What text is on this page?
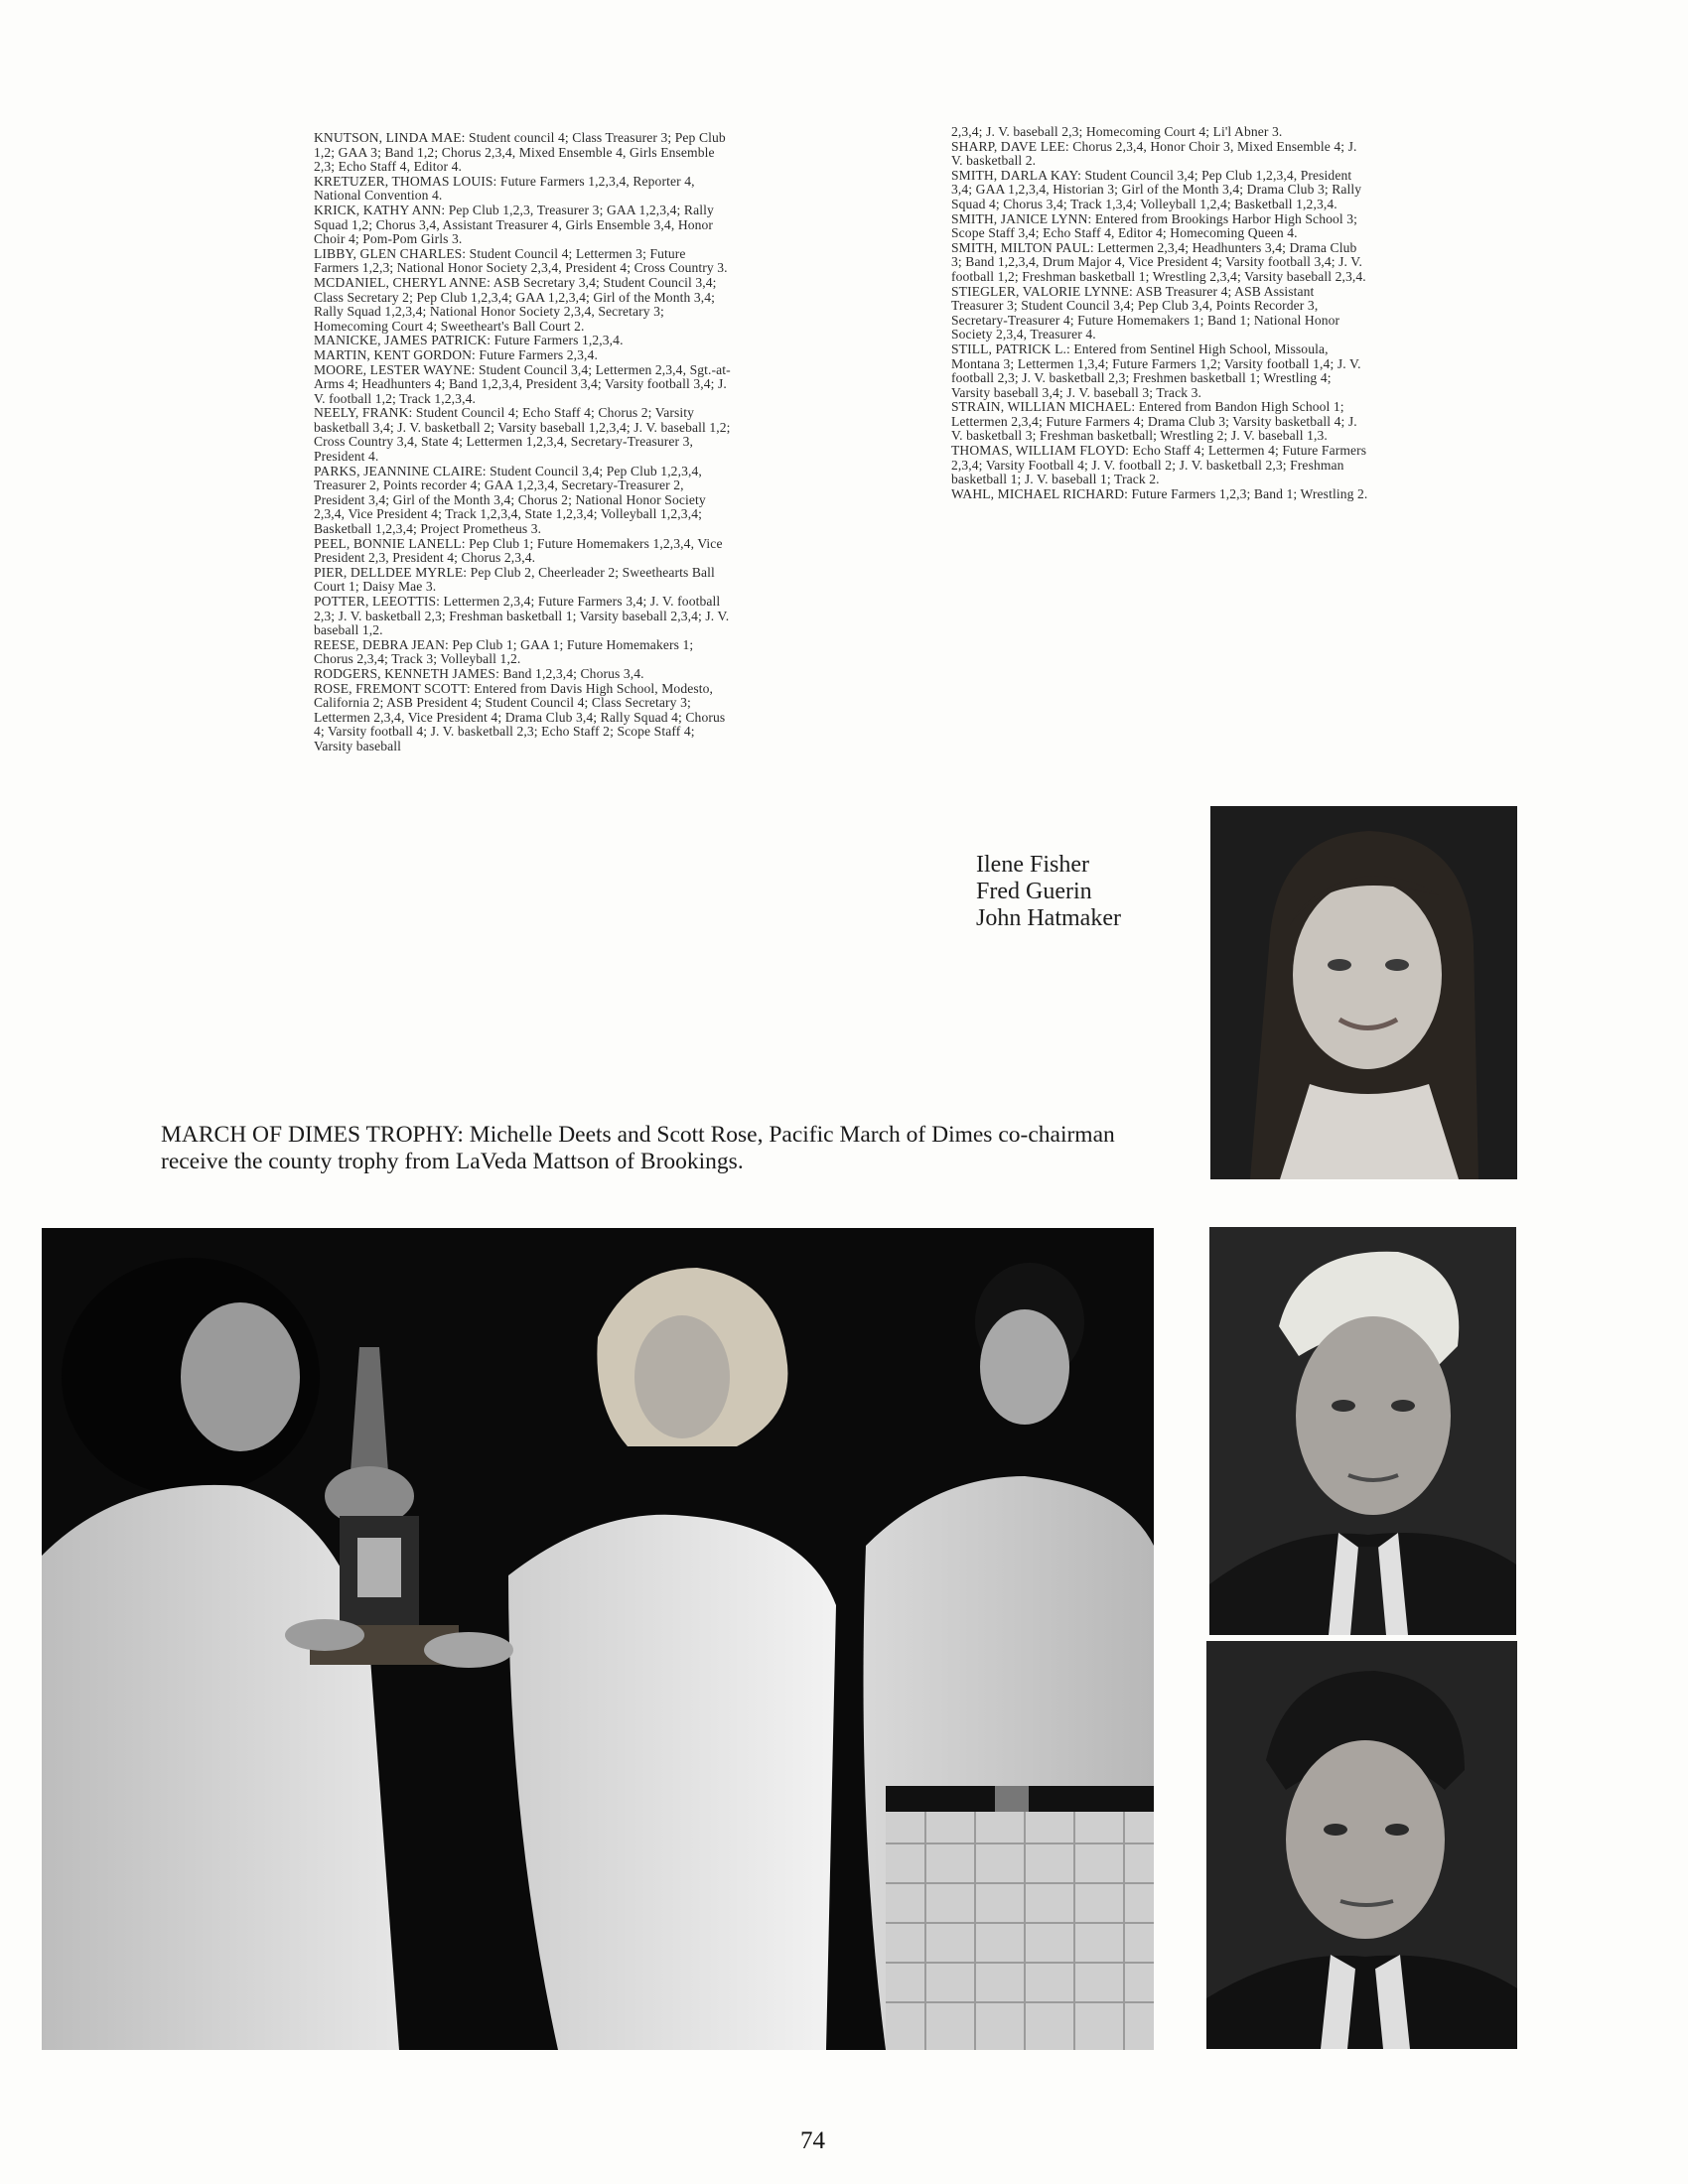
KNUTSON, LINDA MAE: Student council 4; Class Treasurer 3; Pep Club 1,2; GAA 3; Band 1,2; Chorus 2,3,4, Mixed Ensemble 4, Girls Ensemble 2,3; Echo Staff 4, Editor 4.

KRETUZER, THOMAS LOUIS: Future Farmers 1,2,3,4, Reporter 4, National Convention 4.

KRICK, KATHY ANN: Pep Club 1,2,3, Treasurer 3; GAA 1,2,3,4; Rally Squad 1,2; Chorus 3,4, Assistant Treasurer 4, Girls Ensemble 3,4, Honor Choir 4; Pom-Pom Girls 3.

LIBBY, GLEN CHARLES: Student Council 4; Lettermen 3; Future Farmers 1,2,3; National Honor Society 2,3,4, President 4; Cross Country 3.

MCDANIEL, CHERYL ANNE: ASB Secretary 3,4; Student Council 3,4; Class Secretary 2; Pep Club 1,2,3,4; GAA 1,2,3,4; Girl of the Month 3,4; Rally Squad 1,2,3,4; National Honor Society 2,3,4, Secretary 3; Homecoming Court 4; Sweetheart's Ball Court 2.

MANICKE, JAMES PATRICK: Future Farmers 1,2,3,4.

MARTIN, KENT GORDON: Future Farmers 2,3,4.

MOORE, LESTER WAYNE: Student Council 3,4; Lettermen 2,3,4, Sgt.-at-Arms 4; Headhunters 4; Band 1,2,3,4, President 3,4; Varsity football 3,4; J. V. football 1,2; Track 1,2,3,4.

NEELY, FRANK: Student Council 4; Echo Staff 4; Chorus 2; Varsity basketball 3,4; J. V. basketball 2; Varsity baseball 1,2,3,4; J. V. baseball 1,2; Cross Country 3,4, State 4; Lettermen 1,2,3,4, Secretary-Treasurer 3, President 4.

PARKS, JEANNINE CLAIRE: Student Council 3,4; Pep Club 1,2,3,4, Treasurer 2, Points recorder 4; GAA 1,2,3,4, Secretary-Treasurer 2, President 3,4; Girl of the Month 3,4; Chorus 2; National Honor Society 2,3,4, Vice President 4; Track 1,2,3,4, State 1,2,3,4; Volleyball 1,2,3,4; Basketball 1,2,3,4; Project Prometheus 3.

PEEL, BONNIE LANELL: Pep Club 1; Future Homemakers 1,2,3,4, Vice President 2,3, President 4; Chorus 2,3,4.

PIER, DELLDEE MYRLE: Pep Club 2, Cheerleader 2; Sweethearts Ball Court 1; Daisy Mae 3.

POTTER, LEEOTTIS: Lettermen 2,3,4; Future Farmers 3,4; J. V. football 2,3; J. V. basketball 2,3; Freshman basketball 1; Varsity baseball 2,3,4; J. V. baseball 1,2.

REESE, DEBRA JEAN: Pep Club 1; GAA 1; Future Homemakers 1; Chorus 2,3,4; Track 3; Volleyball 1,2.

RODGERS, KENNETH JAMES: Band 1,2,3,4; Chorus 3,4.

ROSE, FREMONT SCOTT: Entered from Davis High School, Modesto, California 2; ASB President 4; Student Council 4; Class Secretary 3; Lettermen 2,3,4, Vice President 4; Drama Club 3,4; Rally Squad 4; Chorus 4; Varsity football 4; J. V. basketball 2,3; Echo Staff 2; Scope Staff 4; Varsity baseball

2,3,4; J. V. baseball 2,3; Homecoming Court 4; Li'l Abner 3.

SHARP, DAVE LEE: Chorus 2,3,4, Honor Choir 3, Mixed Ensemble 4; J. V. basketball 2.

SMITH, DARLA KAY: Student Council 3,4; Pep Club 1,2,3,4, President 3,4; GAA 1,2,3,4, Historian 3; Girl of the Month 3,4; Drama Club 3; Rally Squad 4; Chorus 3,4; Track 1,3,4; Volleyball 1,2,4; Basketball 1,2,3,4.

SMITH, JANICE LYNN: Entered from Brookings Harbor High School 3; Scope Staff 3,4; Echo Staff 4, Editor 4; Homecoming Queen 4.

SMITH, MILTON PAUL: Lettermen 2,3,4; Headhunters 3,4; Drama Club 3; Band 1,2,3,4, Drum Major 4, Vice President 4; Varsity football 3,4; J. V. football 1,2; Freshman basketball 1; Wrestling 2,3,4; Varsity baseball 2,3,4.

STIEGLER, VALORIE LYNNE: ASB Treasurer 4; ASB Assistant Treasurer 3; Student Council 3,4; Pep Club 3,4, Points Recorder 3, Secretary-Treasurer 4; Future Homemakers 1; Band 1; National Honor Society 2,3,4, Treasurer 4.

STILL, PATRICK L.: Entered from Sentinel High School, Missoula, Montana 3; Lettermen 1,3,4; Future Farmers 1,2; Varsity football 1,4; J. V. football 2,3; J. V. basketball 2,3; Freshmen basketball 1; Wrestling 4; Varsity baseball 3,4; J. V. baseball 3; Track 3.

STRAIN, WILLIAN MICHAEL: Entered from Bandon High School 1; Lettermen 2,3,4; Future Farmers 4; Drama Club 3; Varsity basketball 4; J. V. basketball 3; Freshman basketball; Wrestling 2; J. V. baseball 1,3.

THOMAS, WILLIAM FLOYD: Echo Staff 4; Lettermen 4; Future Farmers 2,3,4; Varsity Football 4; J. V. football 2; J. V. basketball 2,3; Freshman basketball 1; J. V. baseball 1; Track 2.

WAHL, MICHAEL RICHARD: Future Farmers 1,2,3; Band 1; Wrestling 2.

Ilene Fisher
Fred Guerin
John Hatmaker
MARCH OF DIMES TROPHY: Michelle Deets and Scott Rose, Pacific March of Dimes co-chairman receive the county trophy from LaVeda Mattson of Brookings.
74
